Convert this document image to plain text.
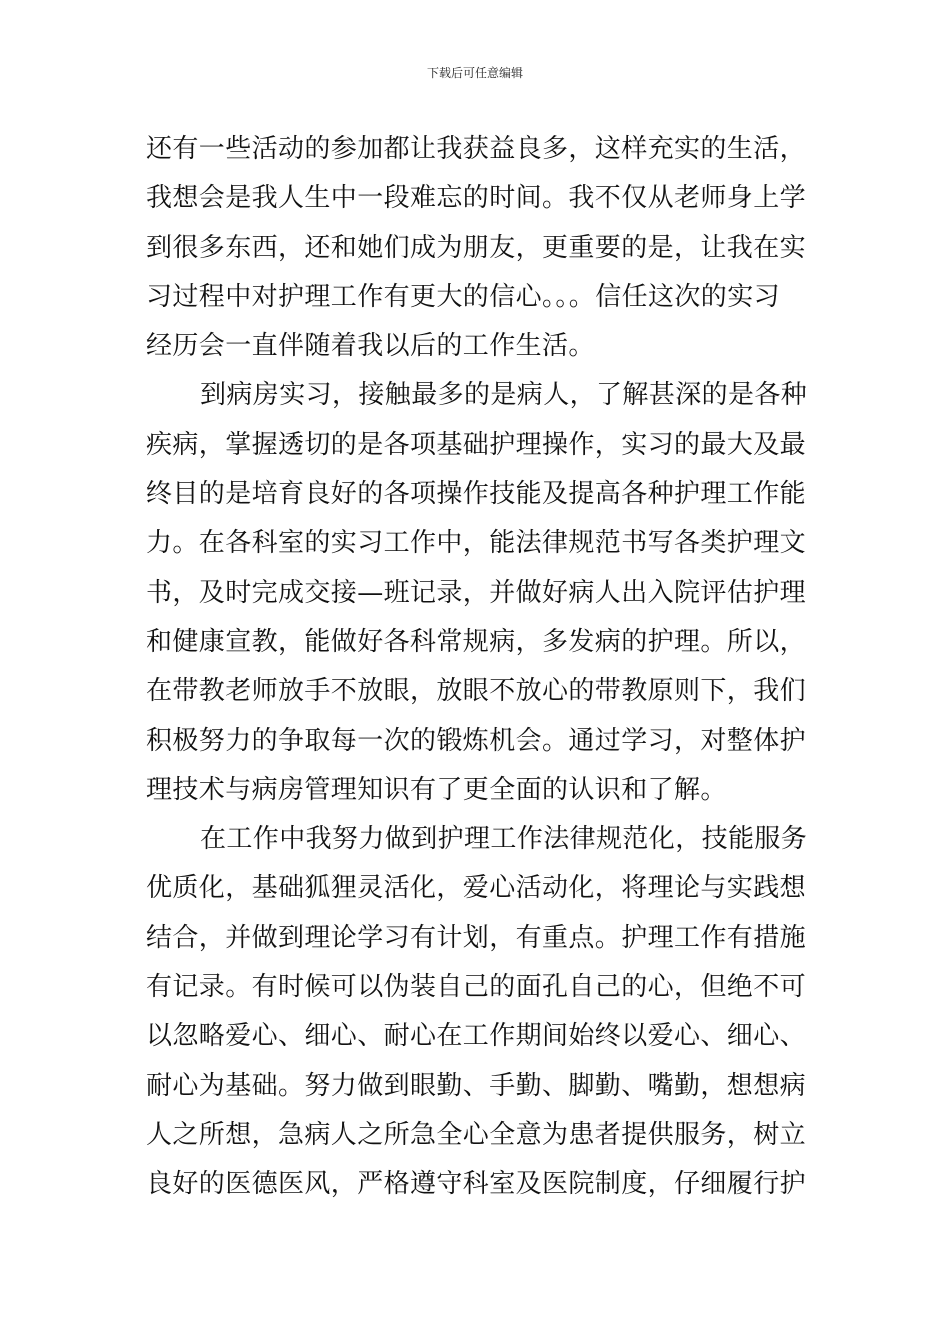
下载后可任意编辑
还有一些活动的参加都让我获益良多，这样充实的生活，
我想会是我人生中一段难忘的时间。我不仅从老师身上学
到很多东西，还和她们成为朋友，更重要的是，让我在实
习过程中对护理工作有更大的信心。。。信任这次的实习
经历会一直伴随着我以后的工作生活。
到病房实习，接触最多的是病人，了解甚深的是各种
疾病，掌握透切的是各项基础护理操作，实习的最大及最
终目的是培育良好的各项操作技能及提高各种护理工作能
力。在各科室的实习工作中，能法律规范书写各类护理文
书，及时完成交接—班记录，并做好病人出入院评估护理
和健康宣教，能做好各科常规病，多发病的护理。所以，
在带教老师放手不放眼，放眼不放心的带教原则下，我们
积极努力的争取每一次的锻炼机会。通过学习，对整体护
理技术与病房管理知识有了更全面的认识和了解。
在工作中我努力做到护理工作法律规范化，技能服务
优质化，基础狐狸灵活化，爱心活动化，将理论与实践想
结合，并做到理论学习有计划，有重点。护理工作有措施
有记录。有时候可以伪装自己的面孔自己的心，但绝不可
以忽略爱心、细心、耐心在工作期间始终以爱心、细心、
耐心为基础。努力做到眼勤、手勤、脚勤、嘴勤，想想病
人之所想，急病人之所急全心全意为患者提供服务，树立
良好的医德医风，严格遵守科室及医院制度，仔细履行护
